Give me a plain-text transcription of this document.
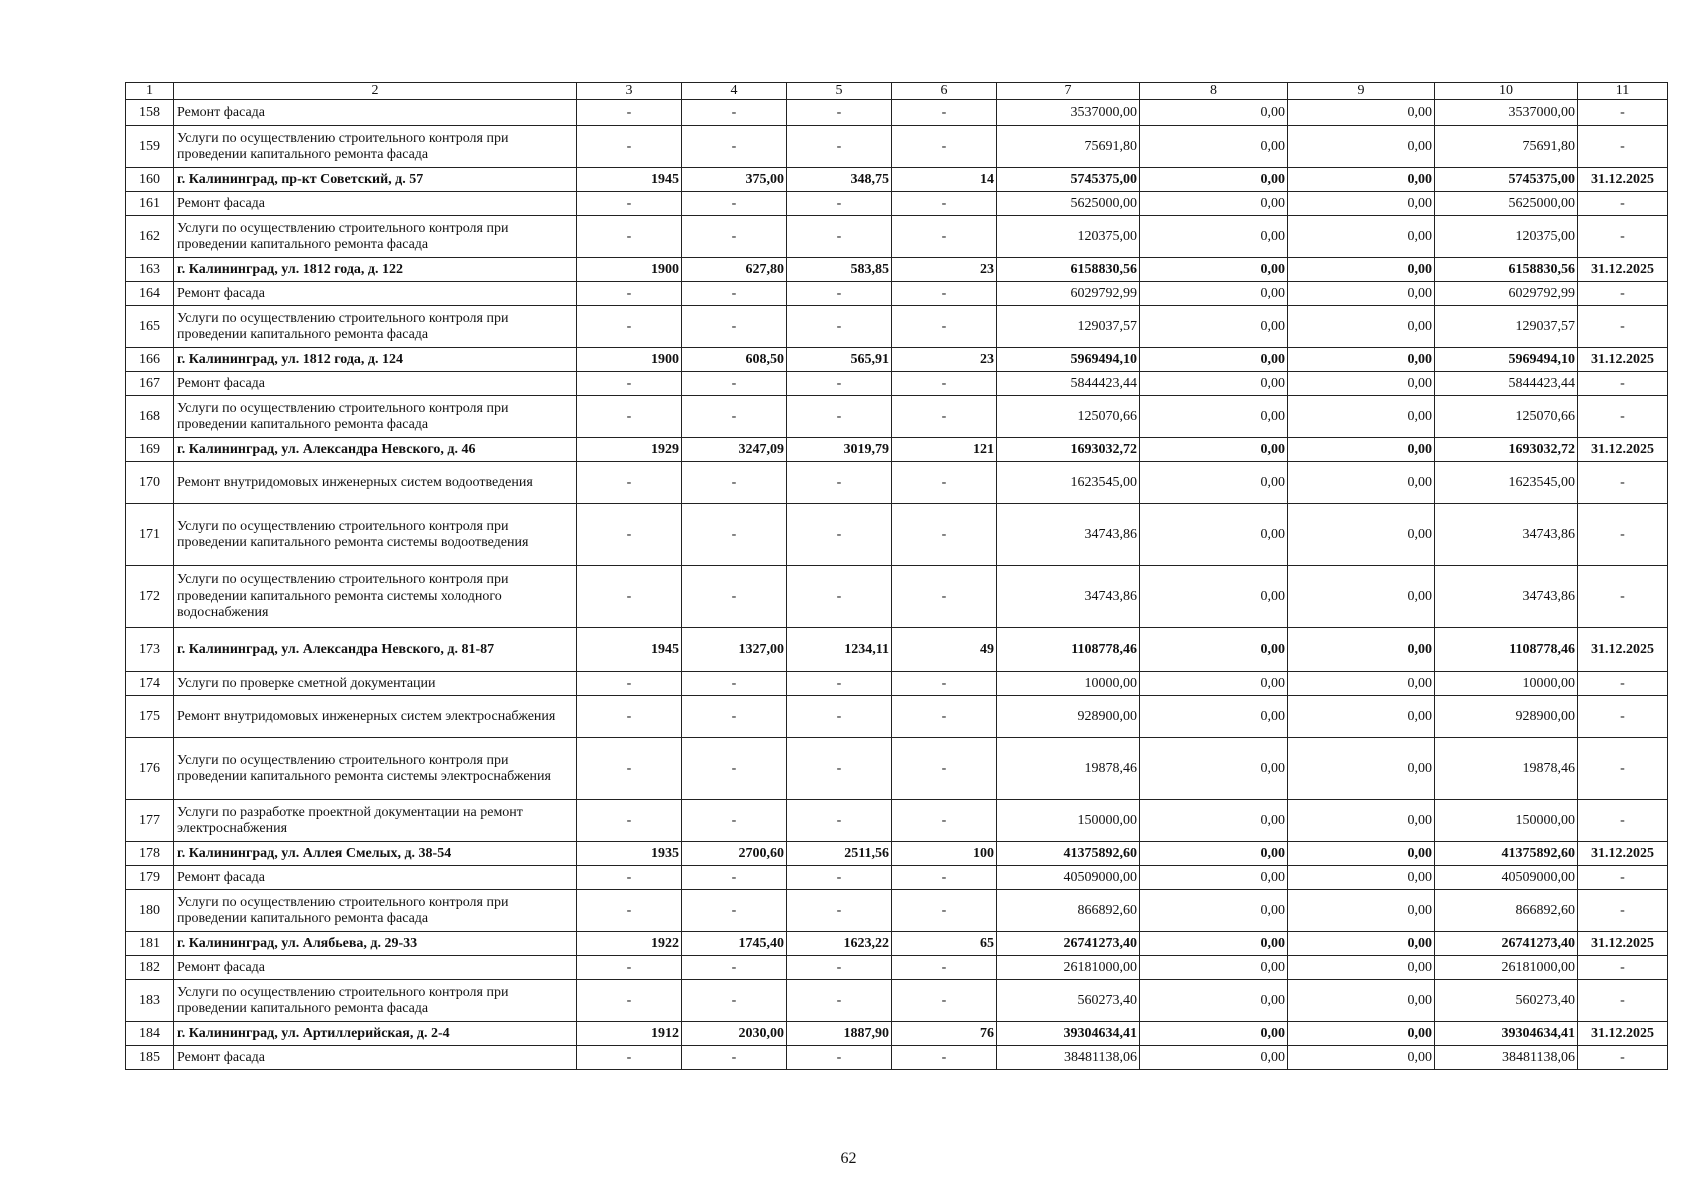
1	2	3	4	5	6	7	8	9	10	11
158	Ремонт фасада	-	-	-	-	3537000,00	0,00	0,00	3537000,00	-
159	Услуги по осуществлению строительного контроля при проведении капитального ремонта фасада	-	-	-	-	75691,80	0,00	0,00	75691,80	-
160	г. Калининград, пр-кт Советский, д. 57	1945	375,00	348,75	14	5745375,00	0,00	0,00	5745375,00	31.12.2025
161	Ремонт фасада	-	-	-	-	5625000,00	0,00	0,00	5625000,00	-
162	Услуги по осуществлению строительного контроля при проведении капитального ремонта фасада	-	-	-	-	120375,00	0,00	0,00	120375,00	-
163	г. Калининград, ул. 1812 года, д. 122	1900	627,80	583,85	23	6158830,56	0,00	0,00	6158830,56	31.12.2025
164	Ремонт фасада	-	-	-	-	6029792,99	0,00	0,00	6029792,99	-
165	Услуги по осуществлению строительного контроля при проведении капитального ремонта фасада	-	-	-	-	129037,57	0,00	0,00	129037,57	-
166	г. Калининград, ул. 1812 года, д. 124	1900	608,50	565,91	23	5969494,10	0,00	0,00	5969494,10	31.12.2025
167	Ремонт фасада	-	-	-	-	5844423,44	0,00	0,00	5844423,44	-
168	Услуги по осуществлению строительного контроля при проведении капитального ремонта фасада	-	-	-	-	125070,66	0,00	0,00	125070,66	-
169	г. Калининград, ул. Александра Невского, д. 46	1929	3247,09	3019,79	121	1693032,72	0,00	0,00	1693032,72	31.12.2025
170	Ремонт внутридомовых инженерных систем водоотведения	-	-	-	-	1623545,00	0,00	0,00	1623545,00	-
171	Услуги по осуществлению строительного контроля при проведении капитального ремонта системы водоотведения	-	-	-	-	34743,86	0,00	0,00	34743,86	-
172	Услуги по осуществлению строительного контроля при проведении капитального ремонта системы холодного водоснабжения	-	-	-	-	34743,86	0,00	0,00	34743,86	-
173	г. Калининград, ул. Александра Невского, д. 81-87	1945	1327,00	1234,11	49	1108778,46	0,00	0,00	1108778,46	31.12.2025
174	Услуги по проверке сметной документации	-	-	-	-	10000,00	0,00	0,00	10000,00	-
175	Ремонт внутридомовых инженерных систем электроснабжения	-	-	-	-	928900,00	0,00	0,00	928900,00	-
176	Услуги по осуществлению строительного контроля при проведении капитального ремонта системы электроснабжения	-	-	-	-	19878,46	0,00	0,00	19878,46	-
177	Услуги по разработке проектной документации на ремонт электроснабжения	-	-	-	-	150000,00	0,00	0,00	150000,00	-
178	г. Калининград, ул. Аллея Смелых, д. 38-54	1935	2700,60	2511,56	100	41375892,60	0,00	0,00	41375892,60	31.12.2025
179	Ремонт фасада	-	-	-	-	40509000,00	0,00	0,00	40509000,00	-
180	Услуги по осуществлению строительного контроля при проведении капитального ремонта фасада	-	-	-	-	866892,60	0,00	0,00	866892,60	-
181	г. Калининград, ул. Алябьева, д. 29-33	1922	1745,40	1623,22	65	26741273,40	0,00	0,00	26741273,40	31.12.2025
182	Ремонт фасада	-	-	-	-	26181000,00	0,00	0,00	26181000,00	-
183	Услуги по осуществлению строительного контроля при проведении капитального ремонта фасада	-	-	-	-	560273,40	0,00	0,00	560273,40	-
184	г. Калининград, ул. Артиллерийская, д. 2-4	1912	2030,00	1887,90	76	39304634,41	0,00	0,00	39304634,41	31.12.2025
185	Ремонт фасада	-	-	-	-	38481138,06	0,00	0,00	38481138,06	-
62
